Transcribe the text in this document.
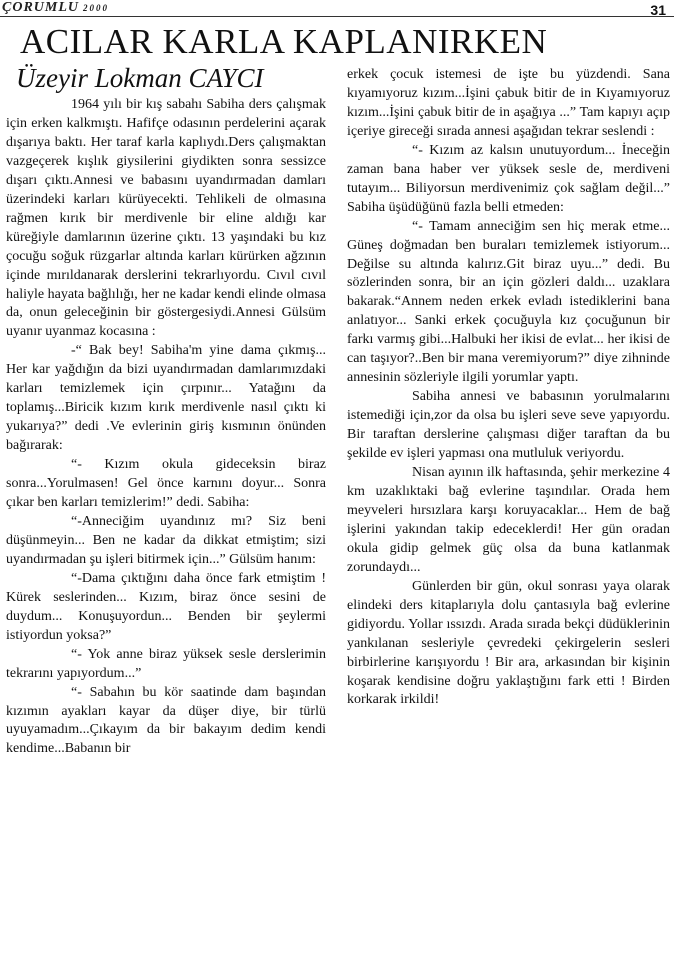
ÇORUMLU 2000	31
ACILAR KARLA KAPLANIRKEN
Üzeyir Lokman CAYCI

1964 yılı bir kış sabahı Sabiha ders çalışmak için erken kalkmıştı. Hafifçe odasının perdelerini açarak dışarıya baktı. Her taraf karla kaplıydı.Ders çalışmaktan vazgeçerek kışlık giysilerini giydikten sonra sessizce dışarı çıktı.Annesi ve babasını uyandırmadan damları üzerindeki karları kürüyecekti. Tehlikeli de olmasına rağmen kırık bir merdivenle bir eline aldığı kar küreğiyle damlarının üzerine çıktı. 13 yaşındaki bu kız çocuğu soğuk rüzgarlar altında karları kürürken ağzının içinde mırıldanarak derslerini tekrarlıyordu. Cıvıl cıvıl haliyle hayata bağlılığı, her ne kadar kendi elinde olmasa da, onun geleceğinin bir göstergesiydi.Annesi Gülsüm uyanır uyanmaz kocasına :

-“ Bak bey! Sabiha'm yine dama çıkmış... Her kar yağdığın da bizi uyandırmadan damlarımızdaki karları temizlemek için çırpınır... Yatağını da toplamış...Biricik kızım kırık merdivenle nasıl çıktı ki yukarıya?” dedi .Ve evlerinin giriş kısmının önünden bağırarak:

“- Kızım okula gideceksin biraz sonra...Yorulmasen! Gel önce karnını doyur... Sonra çıkar ben karları temizlerim!” dedi. Sabiha:

“-Anneciğim uyandınız mı? Siz beni düşünmeyin... Ben ne kadar da dikkat etmiştim; sizi uyandırmadan şu işleri bitirmek için...” Gülsüm hanım:

“-Dama çıktığını daha önce fark etmiştim ! Kürek seslerinden... Kızım, biraz önce sesini de duydum... Konuşuyordun... Benden bir şeylermi istiyordun yoksa?”

“- Yok anne biraz yüksek sesle derslerimin tekrarını yapıyordum...”

“- Sabahın bu kör saatinde dam başından kızımın ayakları kayar da düşer diye, bir türlü uyuyamadım...Çıkayım da bir bakayım dedim kendi kendime...Babanın bir

erkek çocuk istemesi de işte bu yüzdendi. Sana kıyamıyoruz kızım...İşini çabuk bitir de in Kıyamıyoruz kızım...İşini çabuk bitir de in aşağıya ...” Tam kapıyı açıp içeriye gireceği sırada annesi aşağıdan tekrar seslendi :

“- Kızım az kalsın unutuyordum... İneceğin zaman bana haber ver yüksek sesle de, merdiveni tutayım... Biliyorsun merdivenimiz çok sağlam değil...” Sabiha üşüdüğünü fazla belli etmeden:

“- Tamam anneciğim sen hiç merak etme... Güneş doğmadan ben buraları temizlemek istiyorum... Değilse su altında kalırız.Git biraz uyu...” dedi. Bu sözlerinden sonra, bir an için gözleri daldı... uzaklara bakarak.“Annem neden erkek evladı istediklerini bana anlatıyor... Sanki erkek çocuğuyla kız çocuğunun bir farkı varmış gibi...Halbuki her ikisi de evlat... her ikisi de can taşıyor?..Ben bir mana veremiyorum?” diye zihninde annesinin sözleriyle ilgili yorumlar yaptı.

Sabiha annesi ve babasının yorulmalarını istemediği için,zor da olsa bu işleri seve seve yapıyordu. Bir taraftan derslerine çalışması diğer taraftan da bu şekilde ev işleri yapması ona mutluluk veriyordu.

Nisan ayının ilk haftasında, şehir merkezine 4 km uzaklıktaki bağ evlerine taşındılar. Orada hem meyveleri hırsızlara karşı koruyacaklar... Hem de bağ işlerini yakından takip edeceklerdi! Her gün oradan okula gidip gelmek güç olsa da buna katlanmak zorundaydı...

Günlerden bir gün, okul sonrası yaya olarak elindeki ders kitaplarıyla dolu çantasıyla bağ evlerine gidiyordu. Yollar ıssızdı. Arada sırada bekçi düdüklerinin yankılanan sesleriyle çevredeki çekirgelerin sesleri birbirlerine karışıyordu ! Bir ara, arkasından bir kişinin koşarak kendisine doğru yaklaştığını fark etti ! Birden korkarak irkildi!
